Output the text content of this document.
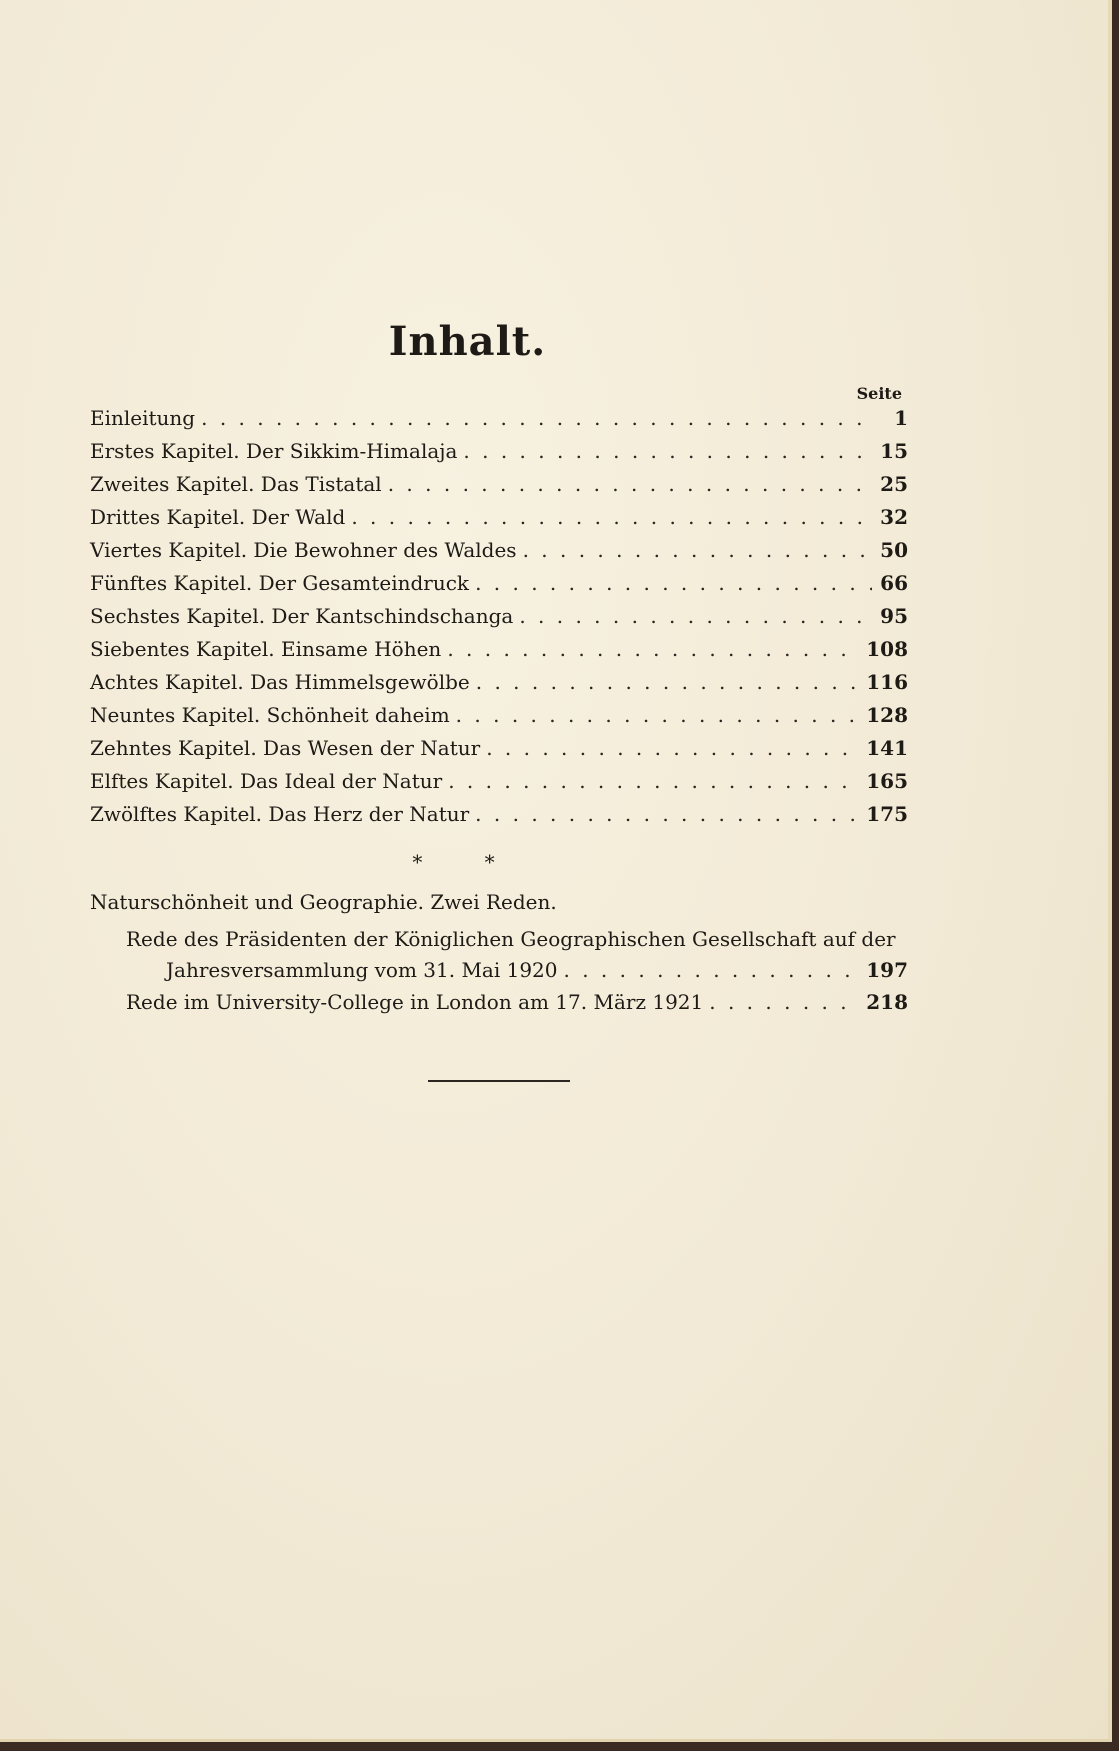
Inhalt.
Seite
Einleitung . . .	1
Erstes Kapitel. Der Sikkim-Himalaja . . .	15
Zweites Kapitel. Das Tistatal . . .	25
Drittes Kapitel. Der Wald . . .	32
Viertes Kapitel. Die Bewohner des Waldes . . .	50
Fünftes Kapitel. Der Gesamteindruck . . .	66
Sechstes Kapitel. Der Kantschindschanga . . .	95
Siebentes Kapitel. Einsame Höhen . . .	108
Achtes Kapitel. Das Himmelsgewölbe . . .	116
Neuntes Kapitel. Schönheit daheim . . .	128
Zehntes Kapitel. Das Wesen der Natur . . .	141
Elftes Kapitel. Das Ideal der Natur . . .	165
Zwölftes Kapitel. Das Herz der Natur . . .	175
* *
Naturschönheit und Geographie. Zwei Reden.
Rede des Präsidenten der Königlichen Geographischen Gesellschaft auf der
Jahresversammlung vom 31. Mai 1920 . . .	197
Rede im University-College in London am 17. März 1921 . . .	218
